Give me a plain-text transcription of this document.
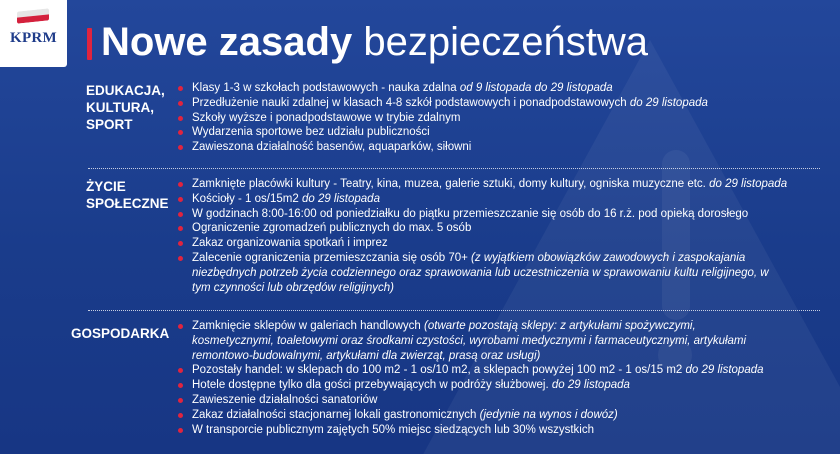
KPRM Nowe zasady bezpieczeństwa
EDUKACJA, KULTURA, SPORT
Klasy 1-3 w szkołach podstawowych - nauka zdalna od 9 listopada do 29 listopada
Przedłużenie nauki zdalnej w klasach 4-8 szkół podstawowych i ponadpodstawowych do 29 listopada
Szkoły wyższe i ponadpodstawowe w trybie zdalnym
Wydarzenia sportowe bez udziału publiczności
Zawieszona działalność basenów, aquaparków, siłowni
ŻYCIE SPOŁECZNE
Zamknięte placówki kultury - Teatry, kina, muzea, galerie sztuki, domy kultury, ogniska muzyczne etc. do 29 listopada
Kościoły - 1 os/15m2 do 29 listopada
W godzinach 8:00-16:00 od poniedziałku do piątku przemieszczanie się osób do 16 r.ż. pod opieką dorosłego
Ograniczenie zgromadzeń publicznych do max. 5 osób
Zakaz organizowania spotkań i imprez
Zalecenie ograniczenia przemieszczania się osób 70+ (z wyjątkiem obowiązków zawodowych i zaspokajania niezbędnych potrzeb życia codziennego oraz sprawowania lub uczestniczenia w sprawowaniu kultu religijnego, w tym czynności lub obrzędów religijnych)
GOSPODARKA	Zamknięcie sklepów w galeriach handlowych (otwarte pozostają sklepy: z artykułami spożywczymi, kosmetycznymi, toaletowymi oraz środkami czystości, wyrobami medycznymi i farmaceutycznymi, artykułami remontowo-budowalnymi, artykułami dla zwierząt, prasą oraz usługi)
Pozostały handel: w sklepach do 100 m2 - 1 os/10 m2, a sklepach powyżej 100 m2 - 1 os/15 m2 do 29 listopada
Hotele dostępne tylko dla gości przebywających w podróży służbowej. do 29 listopada
Zawieszenie działalności sanatoriów
Zakaz działalności stacjonarnej lokali gastronomicznych (jedynie na wynos i dowóz)
W transporcie publicznym zajętych 50% miejsc siedzących lub 30% wszystkich
